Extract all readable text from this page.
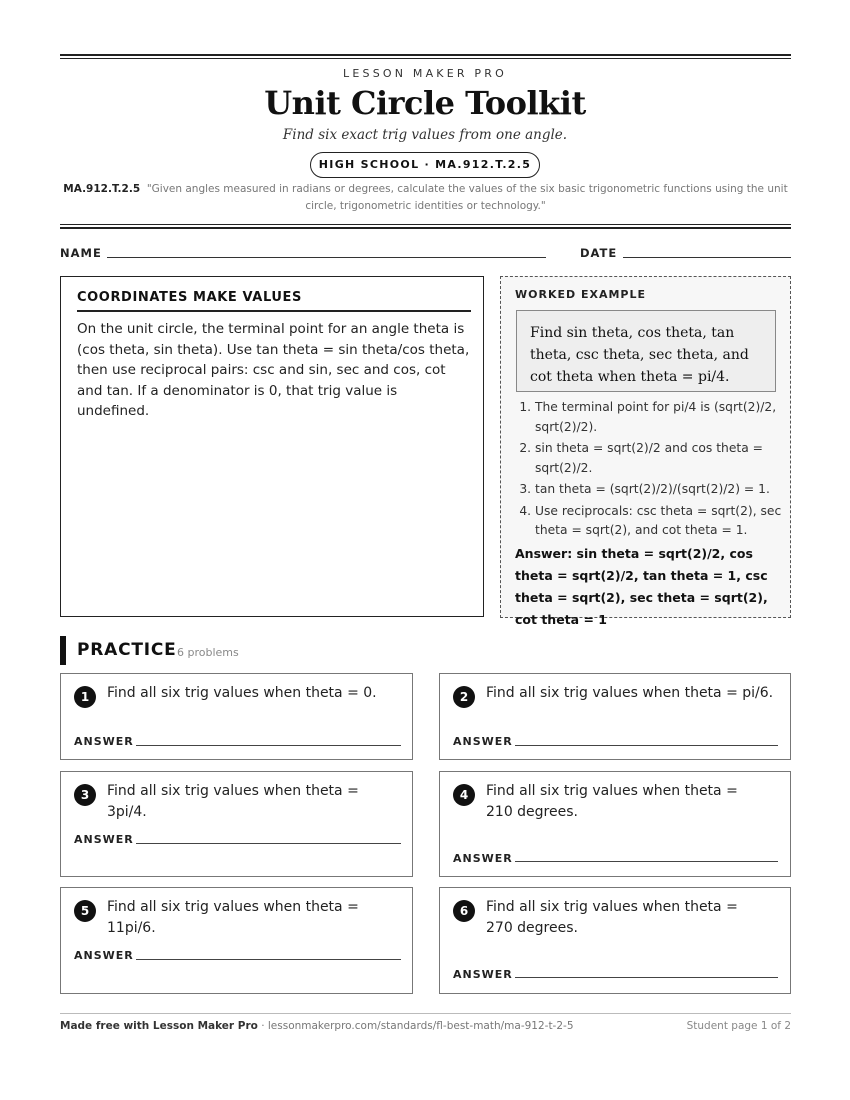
LESSON MAKER PRO
Unit Circle Toolkit
Find six exact trig values from one angle.
HIGH SCHOOL · MA.912.T.2.5
MA.912.T.2.5 "Given angles measured in radians or degrees, calculate the values of the six basic trigonometric functions using the unit circle, trigonometric identities or technology."
NAME	DATE
COORDINATES MAKE VALUES

On the unit circle, the terminal point for an angle theta is (cos theta, sin theta). Use tan theta = sin theta/cos theta, then use reciprocal pairs: csc and sin, sec and cos, cot and tan. If a denominator is 0, that trig value is undefined.

WORKED EXAMPLE
Find sin theta, cos theta, tan theta, csc theta, sec theta, and cot theta when theta = pi/4.
1. The terminal point for pi/4 is (sqrt(2)/2, sqrt(2)/2).
2. sin theta = sqrt(2)/2 and cos theta = sqrt(2)/2.
3. tan theta = (sqrt(2)/2)/(sqrt(2)/2) = 1.
4. Use reciprocals: csc theta = sqrt(2), sec theta = sqrt(2), and cot theta = 1.
Answer: sin theta = sqrt(2)/2, cos theta = sqrt(2)/2, tan theta = 1, csc theta = sqrt(2), sec theta = sqrt(2), cot theta = 1
PRACTICE 6 problems
1	Find all six trig values when theta = 0.
ANSWER
2	Find all six trig values when theta = pi/6.
ANSWER
3	Find all six trig values when theta = 3pi/4.
ANSWER
4	Find all six trig values when theta = 210 degrees.
ANSWER
5	Find all six trig values when theta = 11pi/6.
ANSWER
6	Find all six trig values when theta = 270 degrees.
ANSWER
Made free with Lesson Maker Pro · lessonmakerpro.com/standards/fl-best-math/ma-912-t-2-5	Student page 1 of 2
